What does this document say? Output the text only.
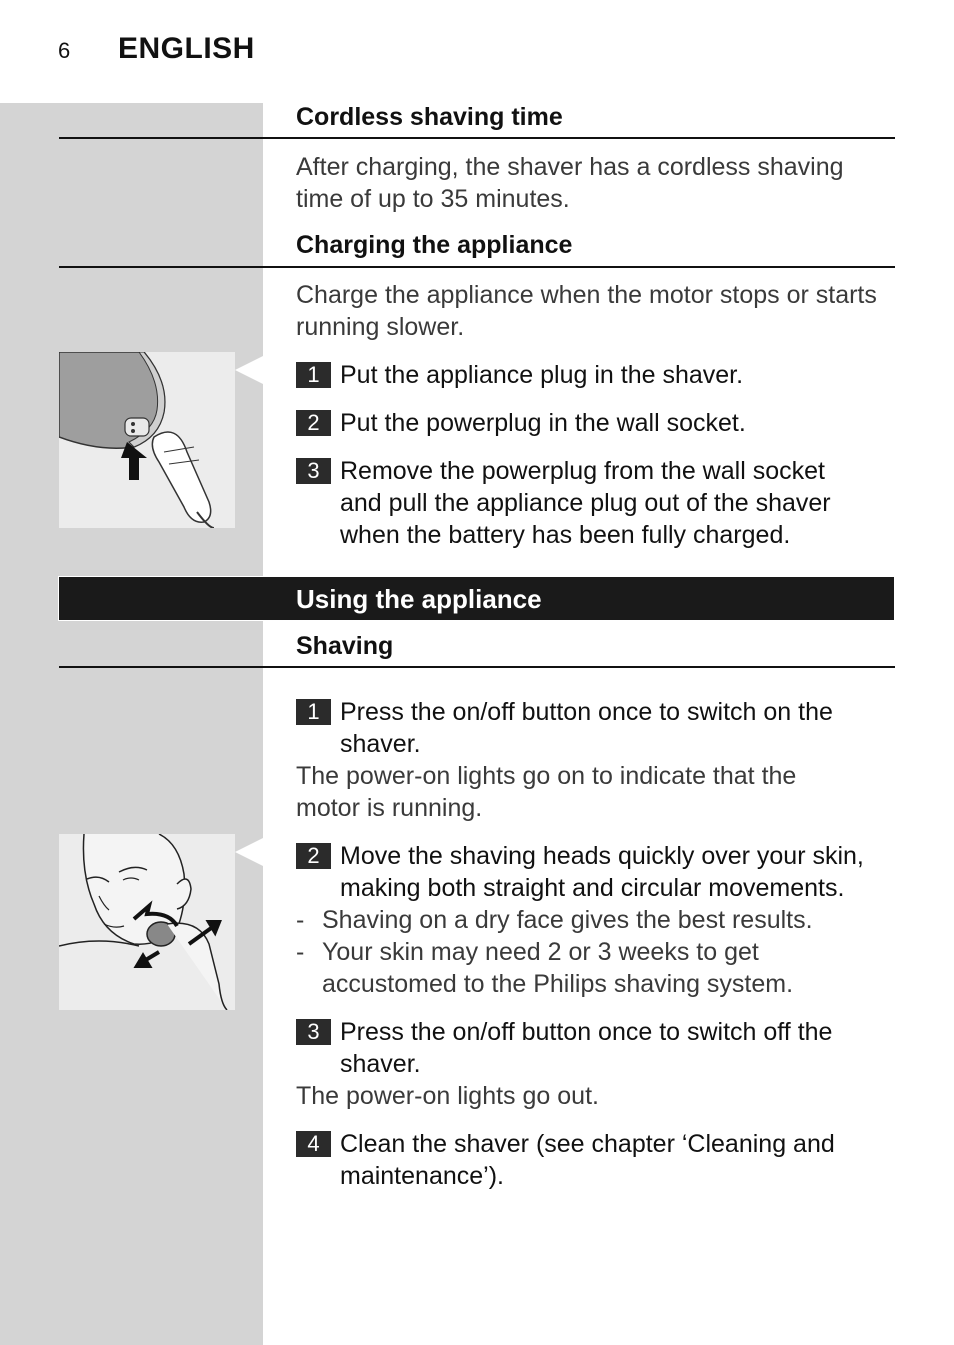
6 ENGLISH
Cordless shaving time
After charging, the shaver has a cordless shaving time of up to 35 minutes.
Charging the appliance
Charge the appliance when the motor stops or starts running slower.
1 Put the appliance plug in the shaver.
2 Put the powerplug in the wall socket.
3 Remove the powerplug from the wall socket and pull the appliance plug out of the shaver when the battery has been fully charged.
Using the appliance
Shaving
1 Press the on/off button once to switch on the shaver.
The power-on lights go on to indicate that the motor is running.
2 Move the shaving heads quickly over your skin, making both straight and circular movements.
- Shaving on a dry face gives the best results.
- Your skin may need 2 or 3 weeks to get accustomed to the Philips shaving system.
3 Press the on/off button once to switch off the shaver.
The power-on lights go out.
4 Clean the shaver (see chapter ‘Cleaning and maintenance’).
